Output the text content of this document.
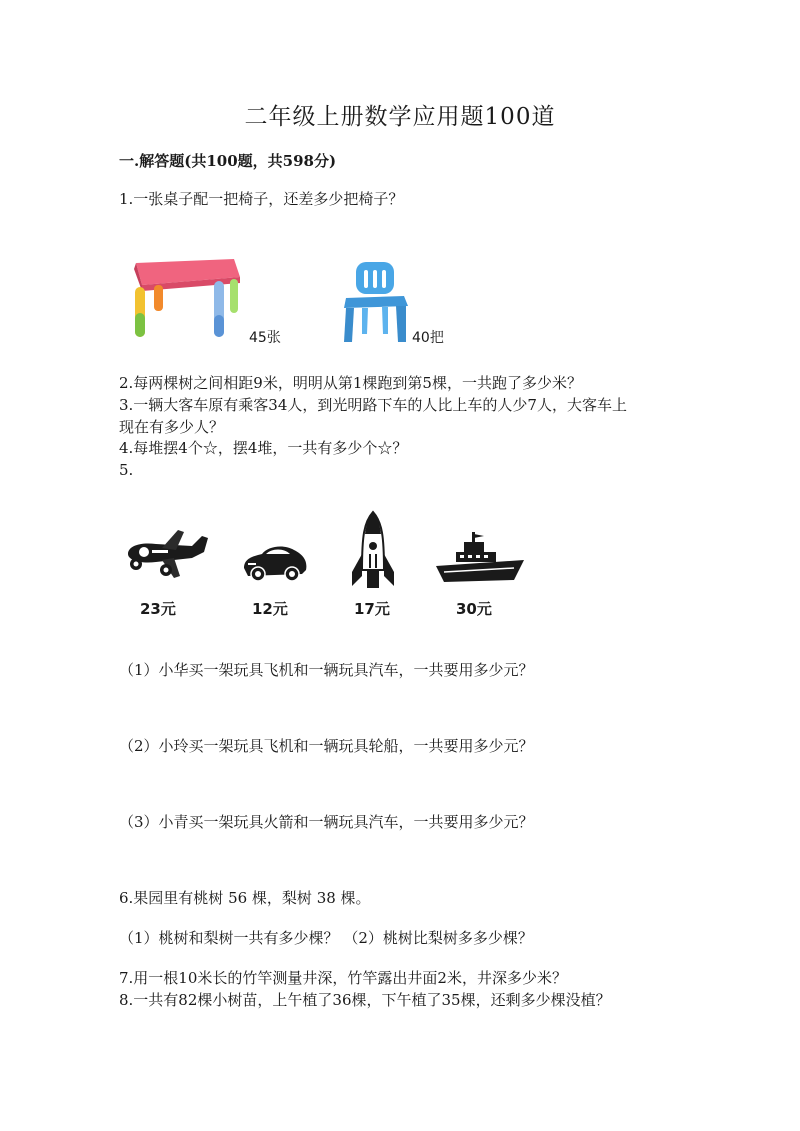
二年级上册数学应用题100道
一.解答题(共100题，共598分)
1.一张桌子配一把椅子，还差多少把椅子？
45张	40把
2.每两棵树之间相距9米，明明从第1棵跑到第5棵，一共跑了多少米？
3.一辆大客车原有乘客34人，到光明路下车的人比上车的人少7人，大客车上
现在有多少人？
4.每堆摆4个☆，摆4堆，一共有多少个☆？
5.
23元	12元	17元	30元
（1）小华买一架玩具飞机和一辆玩具汽车，一共要用多少元？
（2）小玲买一架玩具飞机和一辆玩具轮船，一共要用多少元？
（3）小青买一架玩具火箭和一辆玩具汽车，一共要用多少元？
6.果园里有桃树 56 棵，梨树 38 棵。
（1）桃树和梨树一共有多少棵？ （2）桃树比梨树多多少棵？
7.用一根10米长的竹竿测量井深，竹竿露出井面2米，井深多少米？
8.一共有82棵小树苗，上午植了36棵，下午植了35棵，还剩多少棵没植？
